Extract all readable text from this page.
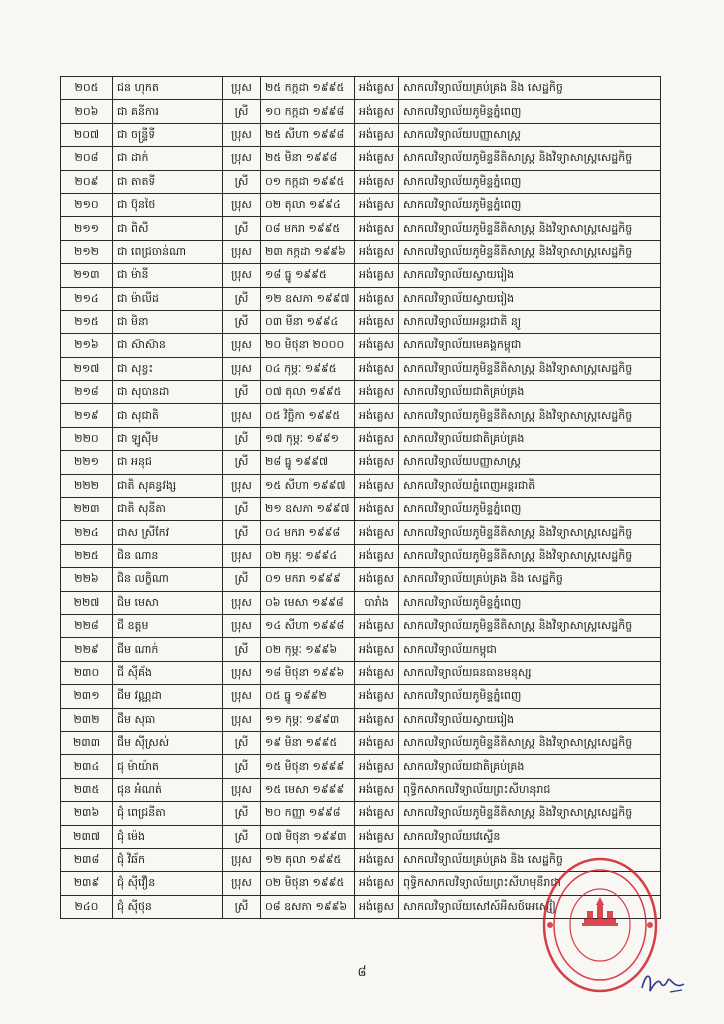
២០៥	ជន ហុកត	ប្រុស	២៥ កក្កដា ១៩៩៥	អង់គ្លេស	សាកលវិទ្យាល័យគ្រប់គ្រង និង សេដ្ឋកិច្ច
២០៦	ជា គនីការ	ស្រី	១០ កក្កដា ១៩៩៨	អង់គ្លេស	សាកលវិទ្យាល័យភូមិន្ទភ្នំពេញ
២០៧	ជា ចន្ទ្រីទី	ប្រុស	២៥ សីហា ១៩៩៨	អង់គ្លេស	សាកលវិទ្យាល័យបញ្ញាសាស្ត្រ
២០៨	ជា ដាក់	ប្រុស	២៥ មិនា ១៩៩៨	អង់គ្លេស	សាកលវិទ្យាល័យភូមិន្ទនីតិសាស្ត្រ និងវិទ្យាសាស្ត្រសេដ្ឋកិច្ច
២០៩	ជា តាតទី	ស្រី	០១ កក្កដា ១៩៩៥	អង់គ្លេស	សាកលវិទ្យាល័យភូមិន្ទភ្នំពេញ
២១០	ជា ប៊ុនថៃ	ប្រុស	០២ តុលា ១៩៩៤	អង់គ្លេស	សាកលវិទ្យាល័យភូមិន្ទភ្នំពេញ
២១១	ជា ពិសី	ស្រី	០៨ មករា ១៩៩៥	អង់គ្លេស	សាកលវិទ្យាល័យភូមិន្ទនីតិសាស្ត្រ និងវិទ្យាសាស្ត្រសេដ្ឋកិច្ច
២១២	ជា ពេជ្រចាន់ណា	ប្រុស	២៣ កក្កដា ១៩៩៦	អង់គ្លេស	សាកលវិទ្យាល័យភូមិន្ទនីតិសាស្ត្រ និងវិទ្យាសាស្ត្រសេដ្ឋកិច្ច
២១៣	ជា ម៉ានី	ប្រុស	១៨ ធ្នូ ១៩៩៥	អង់គ្លេស	សាកលវិទ្យាល័យស្វាយរៀង
២១៤	ជា ម៉ាលីដ	ស្រី	១២ ឧសភា ១៩៩៧	អង់គ្លេស	សាកលវិទ្យាល័យស្វាយរៀង
២១៥	ជា មិនា	ស្រី	០៣ មីនា ១៩៩៤	អង់គ្លេស	សាកលវិទ្យាល័យអន្តរជាតិ ន្យូ
២១៦	ជា ស៊ាស៊ាន	ប្រុស	២០ មិថុនា ២០០០	អង់គ្លេស	សាកលវិទ្យាល័យមេគង្គកម្ពុជា
២១៧	ជា សុខ្វះ	ប្រុស	០៤ កុម្ភៈ ១៩៩៥	អង់គ្លេស	សាកលវិទ្យាល័យភូមិន្ទនីតិសាស្ត្រ និងវិទ្យាសាស្ត្រសេដ្ឋកិច្ច
២១៨	ជា សុបានដា	ស្រី	០៧ តុលា ១៩៩៥	អង់គ្លេស	សាកលវិទ្យាល័យជាតិគ្រប់គ្រង
២១៩	ជា សុជាតិ	ប្រុស	០៥ វិច្ឆិកា ១៩៩៥	អង់គ្លេស	សាកលវិទ្យាល័យភូមិន្ទនីតិសាស្ត្រ និងវិទ្យាសាស្ត្រសេដ្ឋកិច្ច
២២០	ជា ឡូស៊ីម	ស្រី	១៧ កុម្ភៈ ១៩៩១	អង់គ្លេស	សាកលវិទ្យាល័យជាតិគ្រប់គ្រង
២២១	ជា អនុជ	ស្រី	២៨ ធ្នូ ១៩៩៧	អង់គ្លេស	សាកលវិទ្យាល័យបញ្ញាសាស្ត្រ
២២២	ជាតិ សុគន្ធវង្ស	ប្រុស	១៥ សីហា ១៩៩៧	អង់គ្លេស	សាកលវិទ្យាល័យភ្នំពេញអន្តរជាតិ
២២៣	ជាតិ សុនីតា	ស្រី	២១ ឧសភា ១៩៩៧	អង់គ្លេស	សាកលវិទ្យាល័យភូមិន្ទភ្នំពេញ
២២៤	ជាស ស្រីកែវ	ស្រី	០៤ មករា ១៩៩៨	អង់គ្លេស	សាកលវិទ្យាល័យភូមិន្ទនីតិសាស្ត្រ និងវិទ្យាសាស្ត្រសេដ្ឋកិច្ច
២២៥	ជិន ណាន	ប្រុស	០២ កុម្ភៈ ១៩៩៤	អង់គ្លេស	សាកលវិទ្យាល័យភូមិន្ទនីតិសាស្ត្រ និងវិទ្យាសាស្ត្រសេដ្ឋកិច្ច
២២៦	ជិន លក្ខិណា	ស្រី	០១ មករា ១៩៩៩	អង់គ្លេស	សាកលវិទ្យាល័យគ្រប់គ្រង និង សេដ្ឋកិច្ច
២២៧	ជិម មេសា	ប្រុស	០៦ មេសា ១៩៩៨	បារាំង	សាកលវិទ្យាល័យភូមិន្ទភ្នំពេញ
២២៨	ជី ឧត្តម	ប្រុស	១៤ សីហា ១៩៩៨	អង់គ្លេស	សាកលវិទ្យាល័យភូមិន្ទនីតិសាស្ត្រ និងវិទ្យាសាស្ត្រសេដ្ឋកិច្ច
២២៩	ជីម ណាក់	ស្រី	០២ កុម្ភៈ ១៩៩៦	អង់គ្លេស	សាកលវិទ្យាល័យកម្ពុជា
២៣០	ជី ស៊ីគ័ង	ប្រុស	១៨ មិថុនា ១៩៩៦	អង់គ្លេស	សាកលវិទ្យាល័យធនធានមនុស្ស
២៣១	ជីម វណ្ណដា	ប្រុស	០៥ ធ្នូ ១៩៩២	អង់គ្លេស	សាកលវិទ្យាល័យភូមិន្ទភ្នំពេញ
២៣២	ជឹម សុធា	ប្រុស	១១ កុម្ភៈ ១៩៩៣	អង់គ្លេស	សាកលវិទ្យាល័យស្វាយរៀង
២៣៣	ជឹម ស៊ីស្រស់	ស្រី	១៩ មិនា ១៩៩៥	អង់គ្លេស	សាកលវិទ្យាល័យភូមិន្ទនីតិសាស្ត្រ និងវិទ្យាសាស្ត្រសេដ្ឋកិច្ច
២៣៤	ជុ ម៉ាយ៉ាត	ស្រី	១៥ មិថុនា ១៩៩៩	អង់គ្លេស	សាកលវិទ្យាល័យជាតិគ្រប់គ្រង
២៣៥	ជុន អំណត់	ប្រុស	១៥ មេសា ១៩៩៩	អង់គ្លេស	ពុទ្ធិកសាកលវិទ្យាល័យព្រះសីហនុរាជ
២៣៦	ជុំ ពេជ្រនីតា	ស្រី	២០ កញ្ញា ១៩៩៨	អង់គ្លេស	សាកលវិទ្យាល័យភូមិន្ទនីតិសាស្ត្រ និងវិទ្យាសាស្ត្រសេដ្ឋកិច្ច
២៣៧	ជុំ ម៉េង	ស្រី	០៧ មិថុនា ១៩៩៣	អង់គ្លេស	សាកលវិទ្យាល័យវេស្ទើន
២៣៨	ជុំ វិឆ័ក	ប្រុស	១២ តុលា ១៩៩៥	អង់គ្លេស	សាកលវិទ្យាល័យគ្រប់គ្រង និង សេដ្ឋកិច្ច
២៣៩	ជុំ ស៊ីវឿន	ប្រុស	០២ មិថុនា ១៩៩៥	អង់គ្លេស	ពុទ្ធិកសាកលវិទ្យាល័យព្រះសីហមុនីរាជា
២៤០	ជុំ ស៊ីថុន	ស្រី	០៨ ឧសភា ១៩៩៦	អង់គ្លេស	សាកលវិទ្យាល័យសៅស៍អីសថ៍អេស្ស៊ៀ
៨
